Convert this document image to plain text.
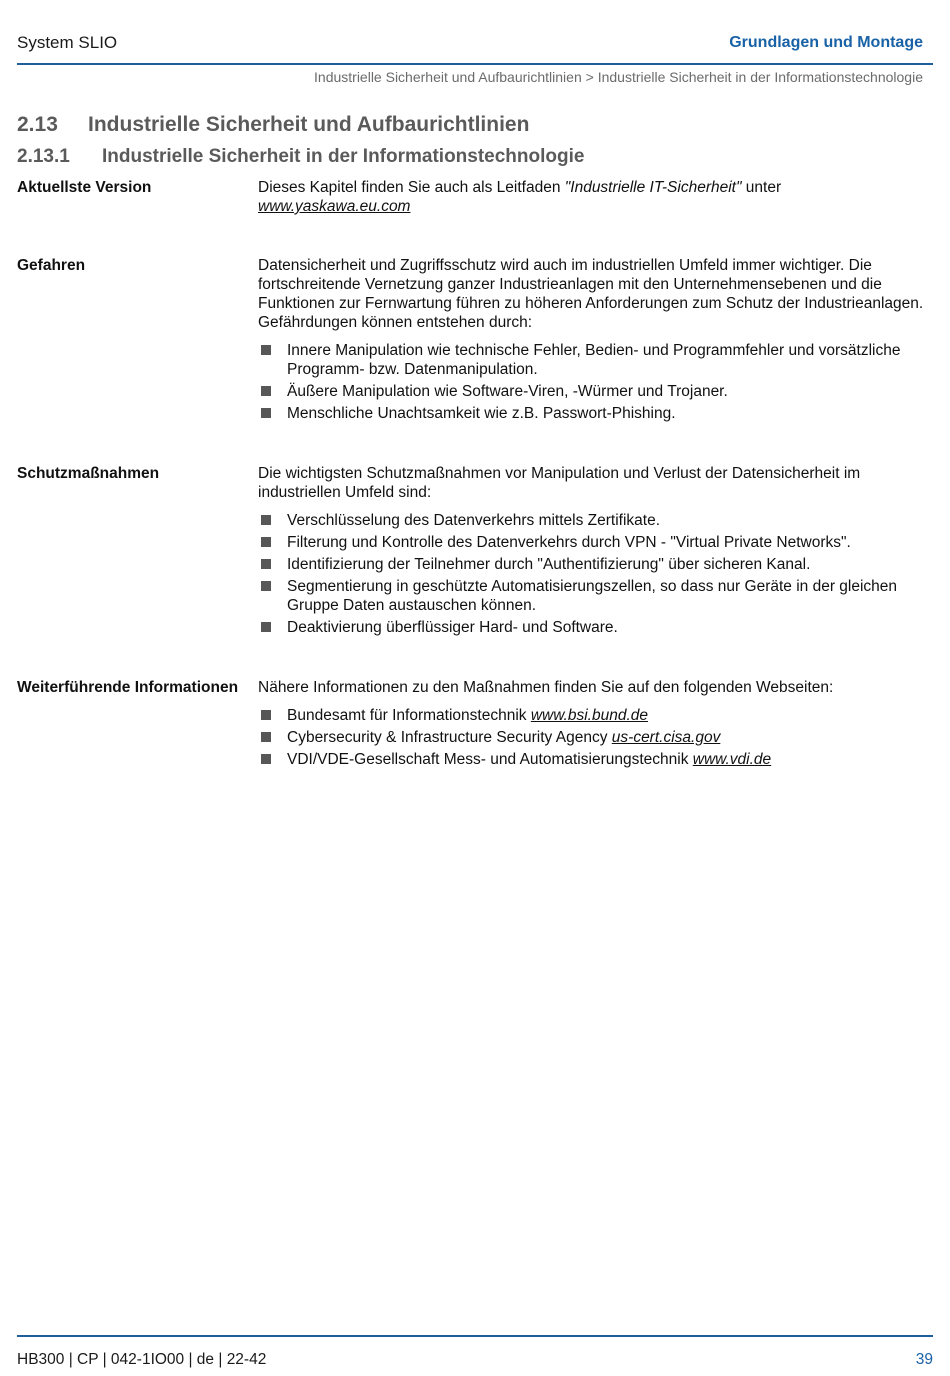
System SLIO	Grundlagen und Montage
Industrielle Sicherheit und Aufbaurichtlinien > Industrielle Sicherheit in der Informationstechnologie
2.13 Industrielle Sicherheit und Aufbaurichtlinien
2.13.1 Industrielle Sicherheit in der Informationstechnologie
Aktuellste Version	Dieses Kapitel finden Sie auch als Leitfaden "Industrielle IT-Sicherheit" unter
www.yaskawa.eu.com

Gefahren	Datensicherheit und Zugriffsschutz wird auch im industriellen Umfeld immer wichtiger. Die fortschreitende Vernetzung ganzer Industrieanlagen mit den Unternehmensebenen und die Funktionen zur Fernwartung führen zu höheren Anforderungen zum Schutz der Industrieanlagen. Gefährdungen können entstehen durch:

Innere Manipulation wie technische Fehler, Bedien- und Programmfehler und vorsätzliche Programm- bzw. Datenmanipulation.
Äußere Manipulation wie Software-Viren, -Würmer und Trojaner.
Menschliche Unachtsamkeit wie z.B. Passwort-Phishing.
Schutzmaßnahmen	Die wichtigsten Schutzmaßnahmen vor Manipulation und Verlust der Datensicherheit im industriellen Umfeld sind:

Verschlüsselung des Datenverkehrs mittels Zertifikate.
Filterung und Kontrolle des Datenverkehrs durch VPN - "Virtual Private Networks".
Identifizierung der Teilnehmer durch "Authentifizierung" über sicheren Kanal.
Segmentierung in geschützte Automatisierungszellen, so dass nur Geräte in der gleichen Gruppe Daten austauschen können.
Deaktivierung überflüssiger Hard- und Software.
Weiterführende Informationen	Nähere Informationen zu den Maßnahmen finden Sie auf den folgenden Webseiten:

Bundesamt für Informationstechnik www.bsi.bund.de
Cybersecurity & Infrastructure Security Agency us-cert.cisa.gov
VDI/VDE-Gesellschaft Mess- und Automatisierungstechnik www.vdi.de
HB300 | CP | 042-1IO00 | de | 22-42	39
